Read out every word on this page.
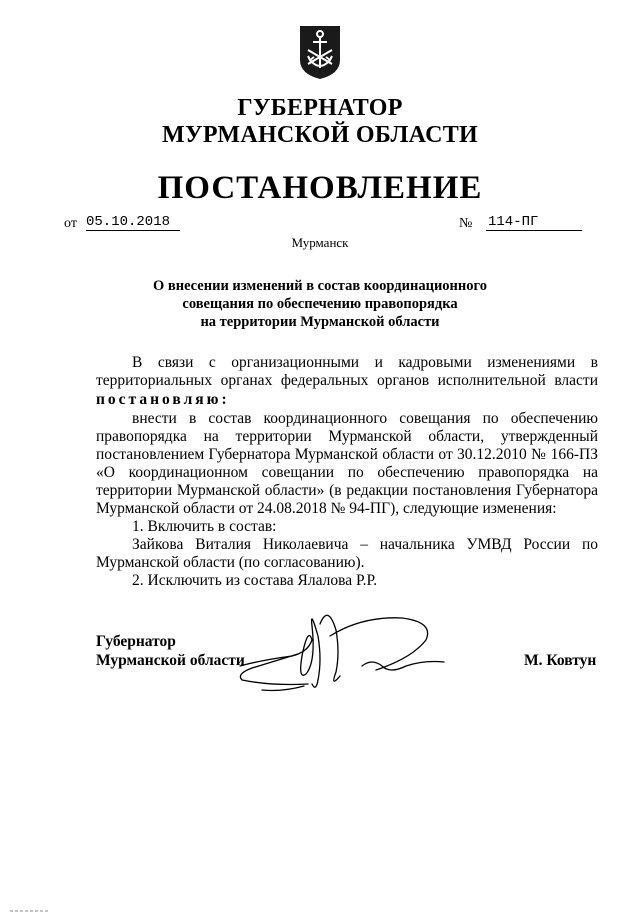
ГУБЕРНАТОР
МУРМАНСКОЙ ОБЛАСТИ
ПОСТАНОВЛЕНИЕ
от 05.10.2018	№ 114-ПГ
Мурманск
О внесении изменений в состав координационного
совещания по обеспечению правопорядка
на территории Мурманской области
В связи с организационными и кадровыми изменениями в
территориальных органах федеральных органов исполнительной власти
постановляю:
внести в состав координационного совещания по обеспечению
правопорядка на территории Мурманской области, утвержденный
постановлением Губернатора Мурманской области от 30.12.2010 № 166-ПЗ
«О координационном совещании по обеспечению правопорядка на
территории Мурманской области» (в редакции постановления Губернатора
Мурманской области от 24.08.2018 № 94-ПГ), следующие изменения:
1. Включить в состав:
Зайкова Виталия Николаевича – начальника УМВД России по
Мурманской области (по согласованию).
2. Исключить из состава Ялалова Р.Р.
Губернатор
Мурманской области	М. Ковтун
